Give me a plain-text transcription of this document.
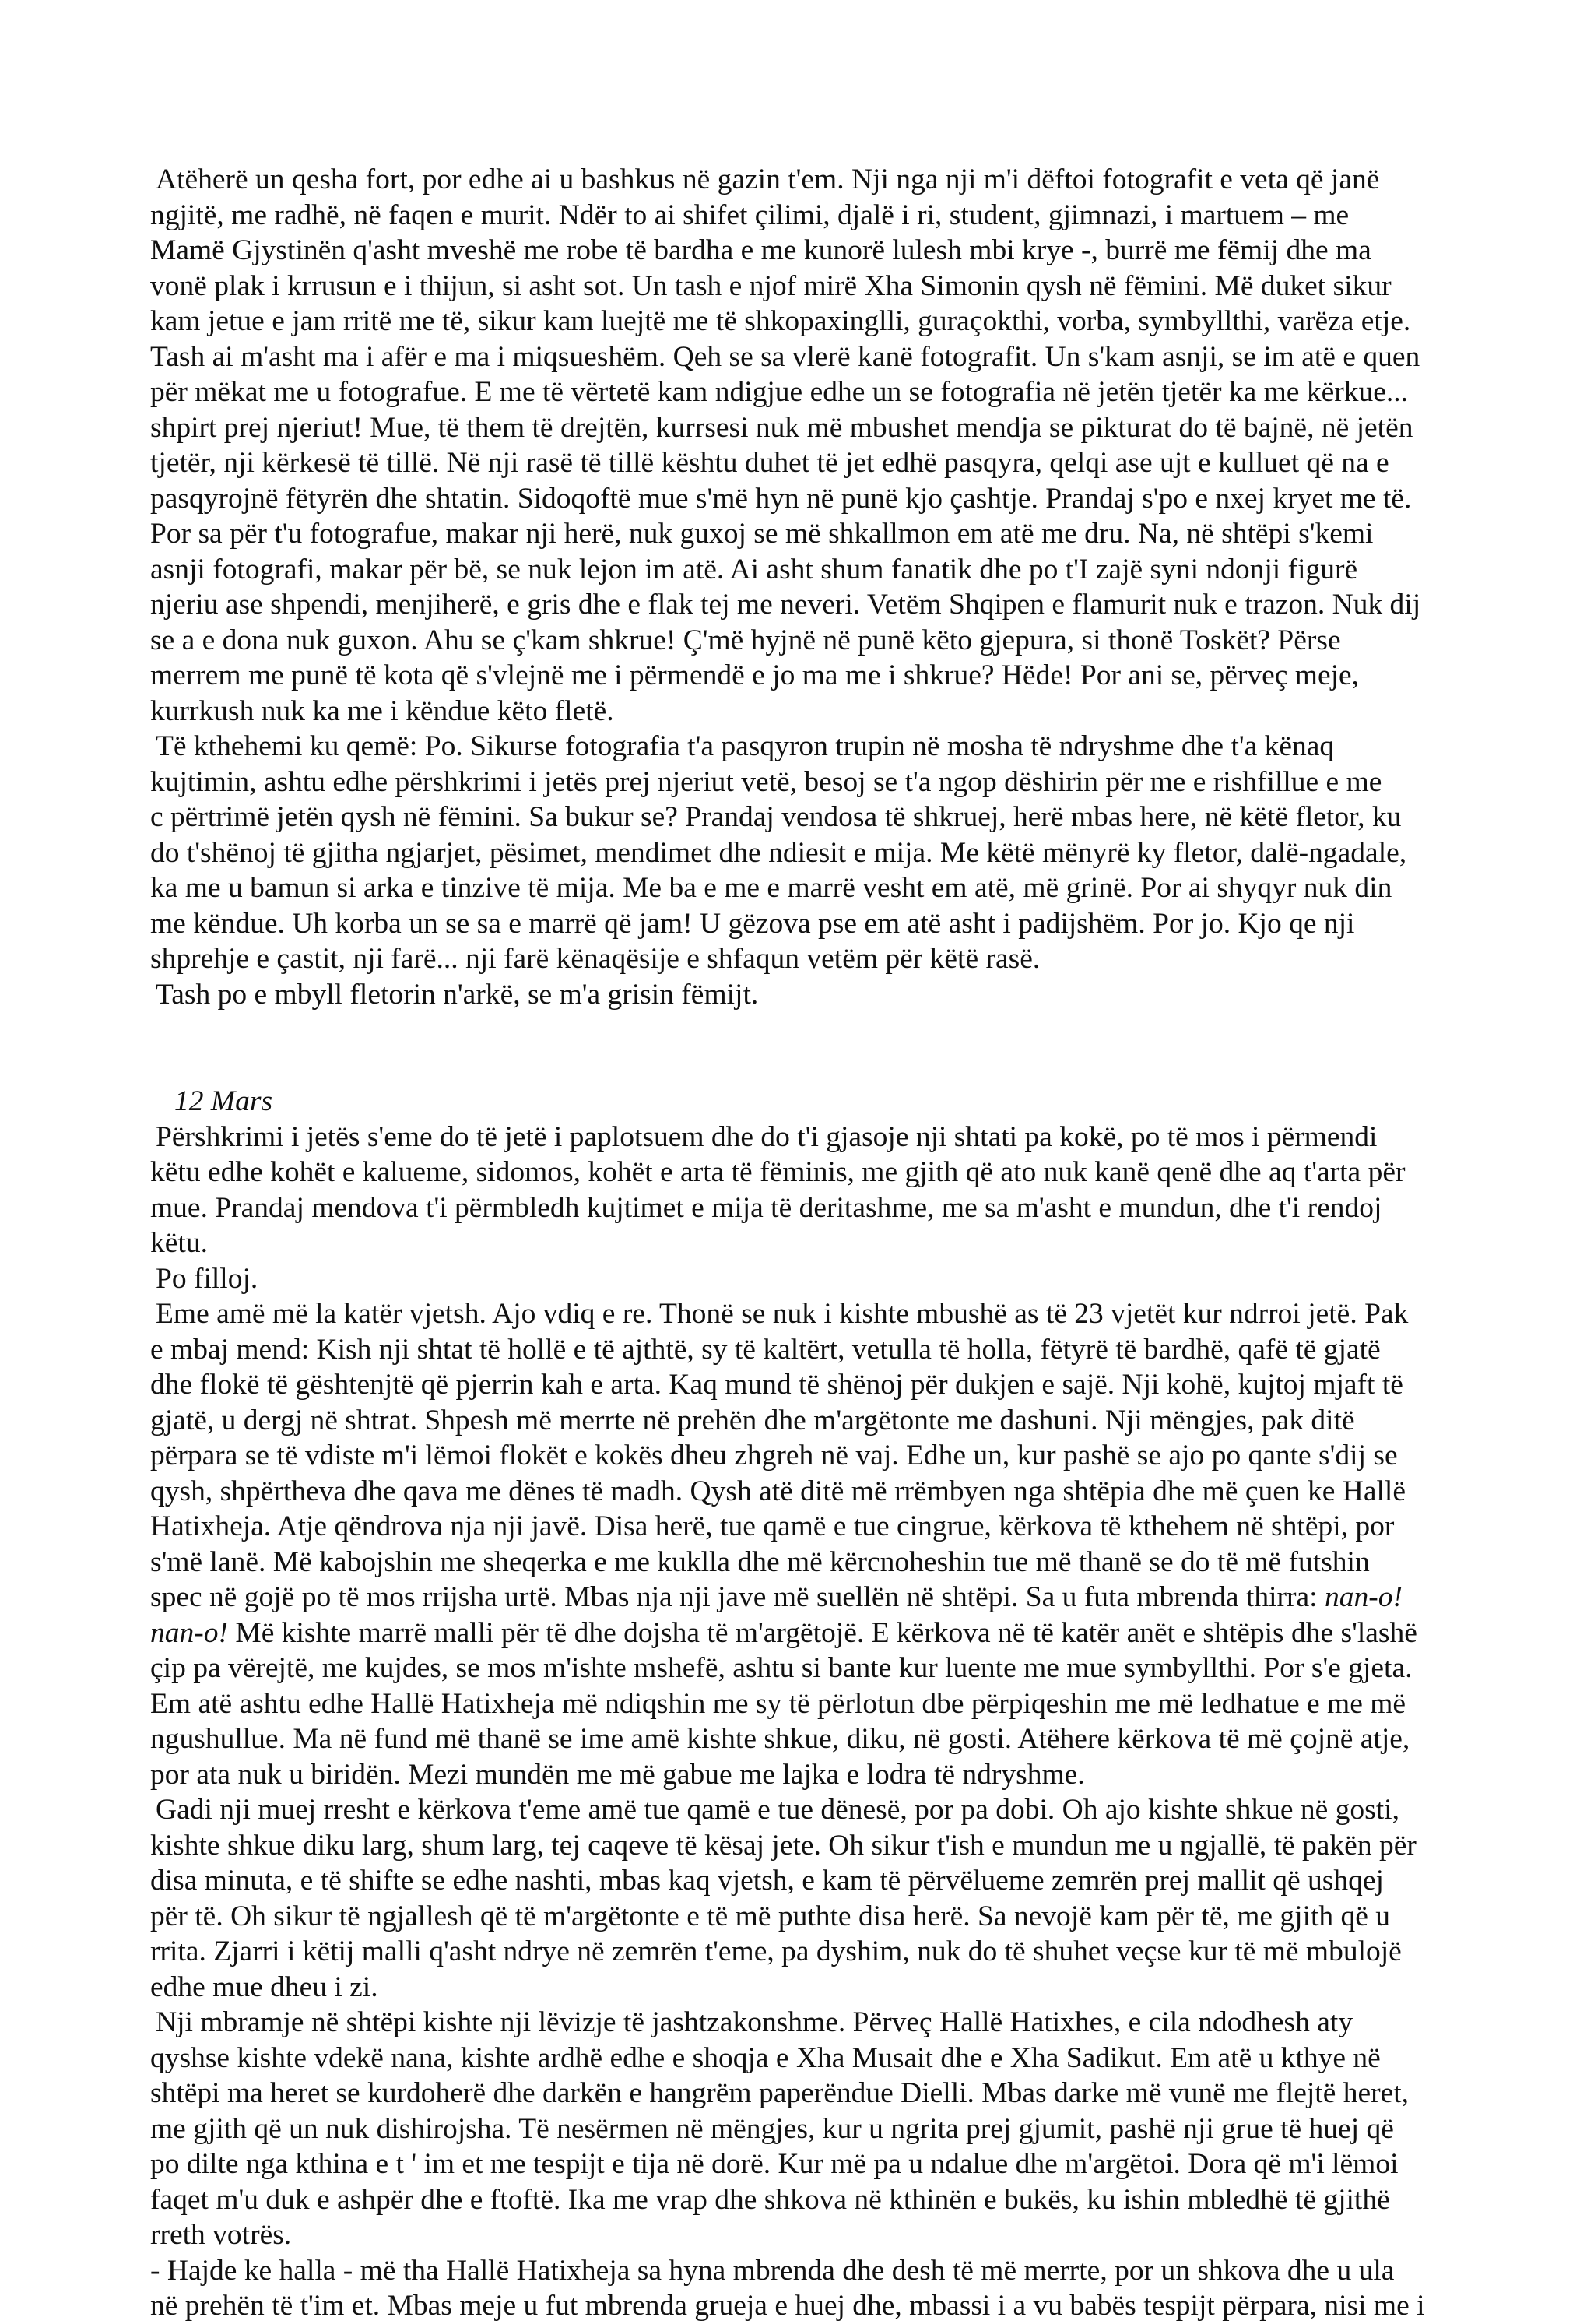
Atëherë un qesha fort, por edhe ai u bashkus në gazin t'em. Nji nga nji m'i dëftoi fotografit e veta që janë ngjitë, me radhë, në faqen e murit. Ndër to ai shifet çilimi, djalë i ri, student, gjimnazi, i martuem – me Mamë Gjystinën q'asht mveshë me robe të bardha e me kunorë lulesh mbi krye -, burrë me fëmij dhe ma vonë plak i krrusun e i thijun, si asht sot. Un tash e njof mirë Xha Simonin qysh në fëmini. Më duket sikur kam jetue e jam rritë me të, sikur kam luejtë me të shkopaxinglli, guraçokthi, vorba, symbyllthi, varëza etje. Tash ai m'asht ma i afër e ma i miqsueshëm. Qeh se sa vlerë kanë fotografit. Un s'kam asnji, se im atë e quen për mëkat me u fotografue. E me të vërtetë kam ndigjue edhe un se fotografia në jetën tjetër ka me kërkue... shpirt prej njeriut! Mue, të them të drejtën, kurrsesi nuk më mbushet mendja se pikturat do të bajnë, në jetën tjetër, nji kërkesë të tillë. Në nji rasë të tillë kështu duhet të jet edhë pasqyra, qelqi ase ujt e kulluet që na e pasqyrojnë fëtyrën dhe shtatin. Sidoqoftë mue s'më hyn në punë kjo çashtje. Prandaj s'po e nxej kryet me të. Por sa për t'u fotografue, makar nji herë, nuk guxoj se më shkallmon em atë me dru. Na, në shtëpi s'kemi asnji fotografi, makar për bë, se nuk lejon im atë. Ai asht shum fanatik dhe po t'I zajë syni ndonji figurë njeriu ase shpendi, menjiherë, e gris dhe e flak tej me neveri. Vetëm Shqipen e flamurit nuk e trazon. Nuk dij se a e dona nuk guxon. Ahu se ç'kam shkrue! Ç'më hyjnë në punë këto gjepura, si thonë Toskët? Përse merrem me punë të kota që s'vlejnë me i përmendë e jo ma me i shkrue? Hëde! Por ani se, përveç meje, kurrkush nuk ka me i këndue këto fletë.

Të kthehemi ku qemë: Po. Sikurse fotografia t'a pasqyron trupin në mosha të ndryshme dhe t'a kënaq kujtimin, ashtu edhe përshkrimi i jetës prej njeriut vetë, besoj se t'a ngop dëshirin për me e rishfillue e me
c përtrimë jetën qysh në fëmini. Sa bukur se? Prandaj vendosa të shkruej, herë mbas here, në këtë fletor, ku do t'shënoj të gjitha ngjarjet, pësimet, mendimet dhe ndiesit e mija. Me këtë mënyrë ky fletor, dalë-ngadale, ka me u bamun si arka e tinzive të mija. Me ba e me e marrë vesht em atë, më grinë. Por ai shyqyr nuk din me këndue. Uh korba un se sa e marrë që jam! U gëzova pse em atë asht i padijshëm. Por jo. Kjo qe nji shprehje e çastit, nji farë... nji farë kënaqësije e shfaqun vetëm për këtë rasë.

Tash po e mbyll fletorin n'arkë, se m'a grisin fëmijt.

12 Mars

Përshkrimi i jetës s'eme do të jetë i paplotsuem dhe do t'i gjasoje nji shtati pa kokë, po të mos i përmendi këtu edhe kohët e kalueme, sidomos, kohët e arta të fëminis, me gjith që ato nuk kanë qenë dhe aq t'arta për mue. Prandaj mendova t'i përmbledh kujtimet e mija të deritashme, me sa m'asht e mundun, dhe t'i rendoj këtu.

Po filloj.

Eme amë më la katër vjetsh. Ajo vdiq e re. Thonë se nuk i kishte mbushë as të 23 vjetët kur ndrroi jetë. Pak e mbaj mend: Kish nji shtat të hollë e të ajthtë, sy të kaltërt, vetulla të holla, fëtyrë të bardhë, qafë të gjatë dhe flokë të gështenjtë që pjerrin kah e arta. Kaq mund të shënoj për dukjen e sajë. Nji kohë, kujtoj mjaft të gjatë, u dergj në shtrat. Shpesh më merrte në prehën dhe m'argëtonte me dashuni. Nji mëngjes, pak ditë përpara se të vdiste m'i lëmoi flokët e kokës dheu zhgreh në vaj. Edhe un, kur pashë se ajo po qante s'dij se qysh, shpërtheva dhe qava me dënes të madh. Qysh atë ditë më rrëmbyen nga shtëpia dhe më çuen ke Hallë Hatixheja. Atje qëndrova nja nji javë. Disa herë, tue qamë e tue cingrue, kërkova të kthehem në shtëpi, por s'më lanë. Më kabojshin me sheqerka e me kuklla dhe më kërcnoheshin tue më thanë se do të më futshin spec në gojë po të mos rrijsha urtë. Mbas nja nji jave më suellën në shtëpi. Sa u futa mbrenda thirra: nan-o! nan-o! Më kishte marrë malli për të dhe dojsha të m'argëtojë. E kërkova në të katër anët e shtëpis dhe s'lashë çip pa vërejtë, me kujdes, se mos m'ishte mshefë, ashtu si bante kur luente me mue symbyllthi. Por s'e gjeta. Em atë ashtu edhe Hallë Hatixheja më ndiqshin me sy të përlotun dbe përpiqeshin me më ledhatue e me më ngushullue. Ma në fund më thanë se ime amë kishte shkue, diku, në gosti. Atëhere kërkova të më çojnë atje, por ata nuk u biridën. Mezi mundën me më gabue me lajka e lodra të ndryshme.

Gadi nji muej rresht e kërkova t'eme amë tue qamë e tue dënesë, por pa dobi. Oh ajo kishte shkue në gosti, kishte shkue diku larg, shum larg, tej caqeve të kësaj jete. Oh sikur t'ish e mundun me u ngjallë, të pakën për disa minuta, e të shifte se edhe nashti, mbas kaq vjetsh, e kam të përvëlueme zemrën prej mallit që ushqej për të. Oh sikur të ngjallesh që të m'argëtonte e të më puthte disa herë. Sa nevojë kam për të, me gjith që u rrita. Zjarri i këtij malli q'asht ndrye në zemrën t'eme, pa dyshim, nuk do të shuhet veçse kur të më mbulojë edhe mue dheu i zi.

Nji mbramje në shtëpi kishte nji lëvizje të jashtzakonshme. Përveç Hallë Hatixhes, e cila ndodhesh aty qyshse kishte vdekë nana, kishte ardhë edhe e shoqja e Xha Musait dhe e Xha Sadikut. Em atë u kthye në shtëpi ma heret se kurdoherë dhe darkën e hangrëm paperëndue Dielli. Mbas darke më vunë me flejtë heret, me gjith që un nuk dishirojsha. Të nesërmen në mëngjes, kur u ngrita prej gjumit, pashë nji grue të huej që po dilte nga kthina e t ' im et me tespijt e tija në dorë. Kur më pa u ndalue dhe m'argëtoi. Dora që m'i lëmoi faqet m'u duk e ashpër dhe e ftoftë. Ika me vrap dhe shkova në kthinën e bukës, ku ishin mbledhë të gjithë rreth votrës.

- Hajde ke halla - më tha Hallë Hatixheja sa hyna mbrenda dhe desh të më merrte, por un shkova dhe u ula në prehën të t'im et. Mbas meje u fut mbrenda grueja e huej dhe, mbassi i a vu babës tespijt përpara, nisi me i
